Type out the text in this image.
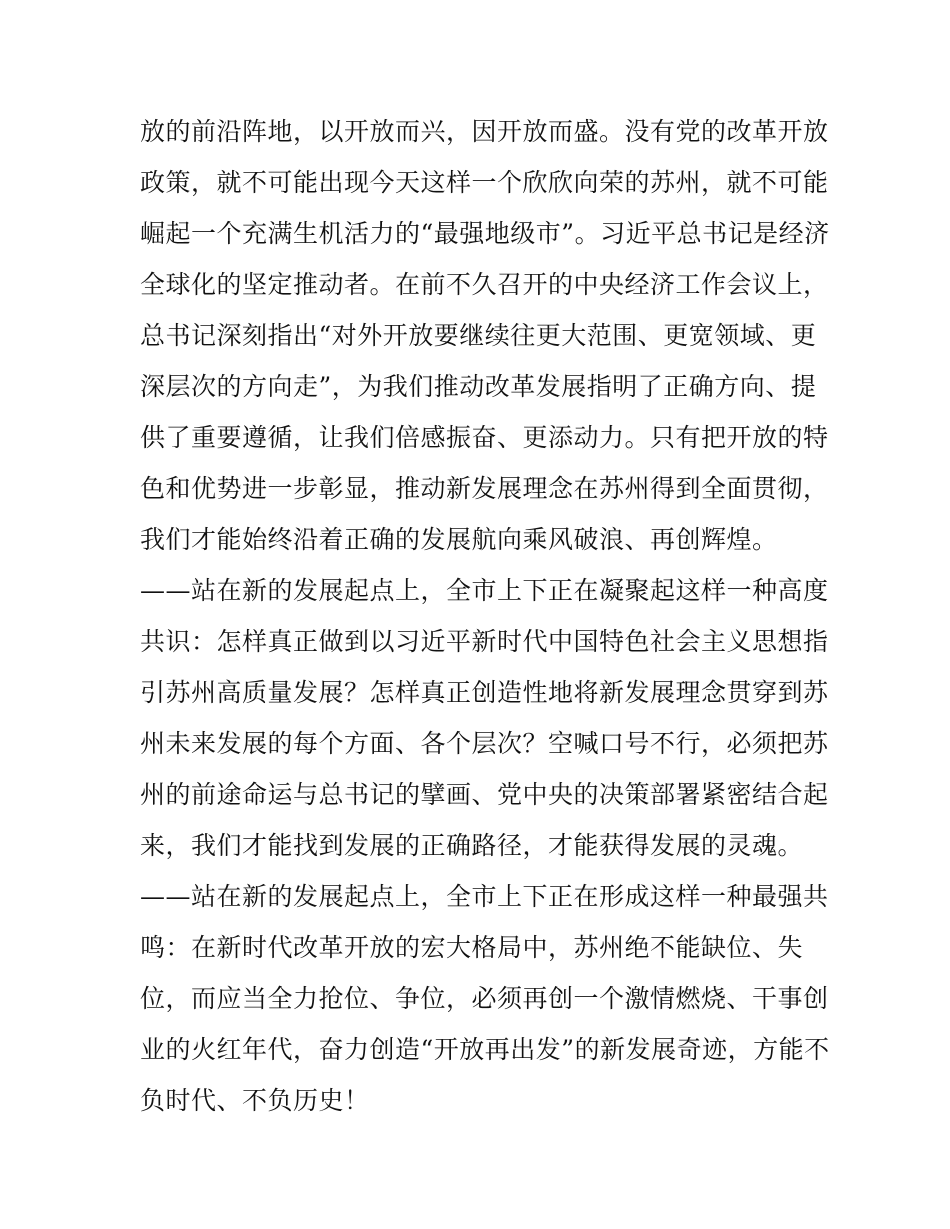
放的前沿阵地，以开放而兴，因开放而盛。没有党的改革开放
政策，就不可能出现今天这样一个欣欣向荣的苏州，就不可能
崛起一个充满生机活力的“最强地级市”。习近平总书记是经济
全球化的坚定推动者。在前不久召开的中央经济工作会议上，
总书记深刻指出“对外开放要继续往更大范围、更宽领域、更
深层次的方向走”，为我们推动改革发展指明了正确方向、提
供了重要遵循，让我们倍感振奋、更添动力。只有把开放的特
色和优势进一步彰显，推动新发展理念在苏州得到全面贯彻，
我们才能始终沿着正确的发展航向乘风破浪、再创辉煌。
——站在新的发展起点上，全市上下正在凝聚起这样一种高度
共识：怎样真正做到以习近平新时代中国特色社会主义思想指
引苏州高质量发展？怎样真正创造性地将新发展理念贯穿到苏
州未来发展的每个方面、各个层次？空喊口号不行，必须把苏
州的前途命运与总书记的擘画、党中央的决策部署紧密结合起
来，我们才能找到发展的正确路径，才能获得发展的灵魂。
——站在新的发展起点上，全市上下正在形成这样一种最强共
鸣：在新时代改革开放的宏大格局中，苏州绝不能缺位、失
位，而应当全力抢位、争位，必须再创一个激情燃烧、干事创
业的火红年代，奋力创造“开放再出发”的新发展奇迹，方能不
负时代、不负历史！
